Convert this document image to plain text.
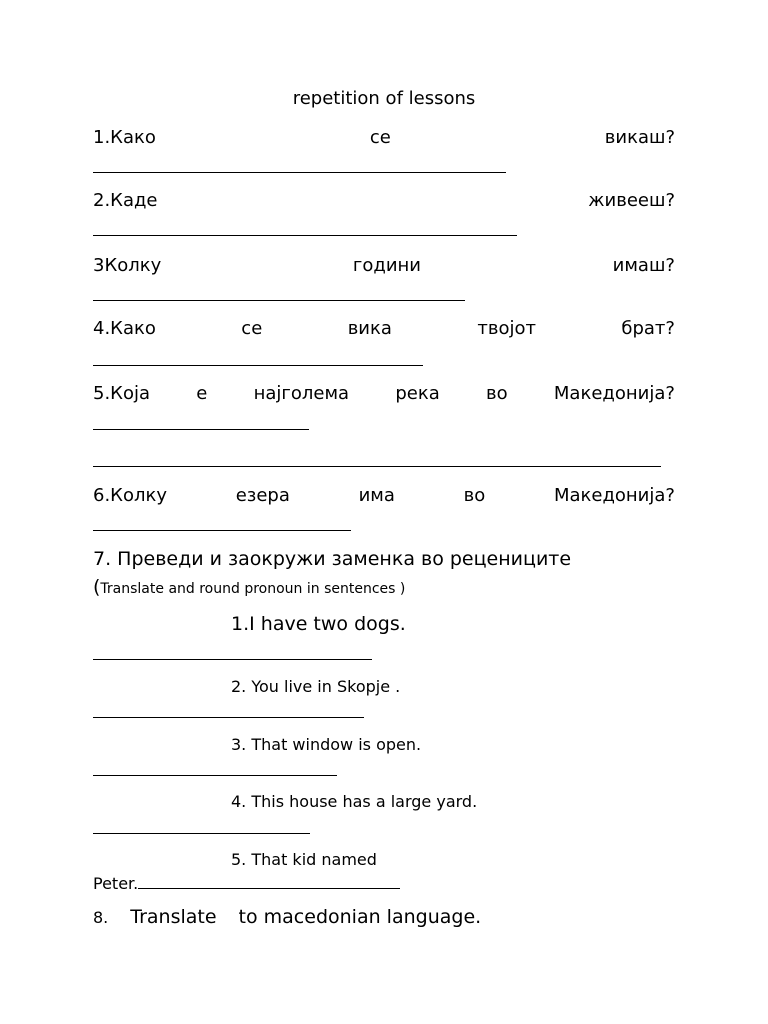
repetition of lessons
1.Како	се	викаш?
2.Каде	живееш?
3Колку	години	имаш?
4.Како	се	вика	твојот	брат?
5.Која	е	најголема	река	во	Македонија?
6.Колку	езера	има	во	Македонија?
7. Преведи и заокружи заменка во рецениците
(Translate and round pronoun in sentences )
1.I have two dogs.
2. You live in Skopje .
3. That window is open.
4. This house has a large yard.
5. That kid named
Peter.
8. Translate to macedonian language.
